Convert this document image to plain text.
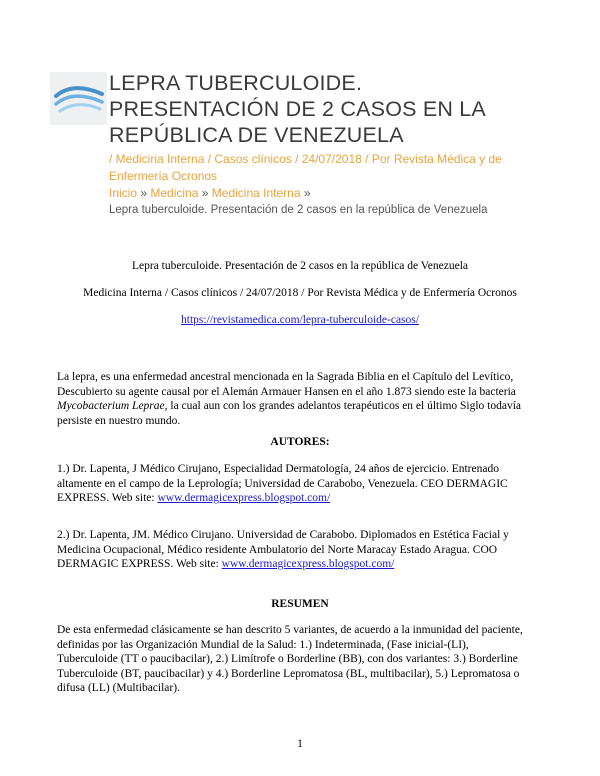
LEPRA TUBERCULOIDE.
PRESENTACIÓN DE 2 CASOS EN LA
REPÚBLICA DE VENEZUELA
/ Medicina Interna / Casos clínicos / 24/07/2018 / Por Revista Médica y de
Enfermería Ocronos
Inicio » Medicina » Medicina Interna »
Lepra tuberculoide. Presentación de 2 casos en la república de Venezuela
Lepra tuberculoide. Presentación de 2 casos en la república de Venezuela
Medicina Interna / Casos clínicos / 24/07/2018 / Por Revista Médica y de Enfermería Ocronos
https://revistamedica.com/lepra-tuberculoide-casos/
La lepra, es una enfermedad ancestral mencionada en la Sagrada Biblia en el Capítulo del Levítico,
Descubierto su agente causal por el Alemán Armauer Hansen en el año 1.873 siendo este la bacteria
Mycobacterium Leprae, la cual aun con los grandes adelantos terapéuticos en el último Siglo todavía
persiste en nuestro mundo.
AUTORES:
1.) Dr. Lapenta, J Médico Cirujano, Especialidad Dermatología, 24 años de ejercicio. Entrenado
altamente en el campo de la Leprología; Universidad de Carabobo, Venezuela. CEO DERMAGIC
EXPRESS. Web site: www.dermagicexpress.blogspot.com/
2.) Dr. Lapenta, JM. Médico Cirujano. Universidad de Carabobo. Diplomados en Estética Facial y
Medicina Ocupacional, Médico residente Ambulatorio del Norte Maracay Estado Aragua. COO
DERMAGIC EXPRESS. Web site: www.dermagicexpress.blogspot.com/
RESUMEN
De esta enfermedad clásicamente se han descrito 5 variantes, de acuerdo a la inmunidad del paciente,
definidas por las Organización Mundial de la Salud: 1.) Indeterminada, (Fase inicial-(LI),
Tuberculoide (TT o paucibacilar), 2.) Limítrofe o Borderline (BB), con dos variantes: 3.) Borderline
Tuberculoide (BT, paucibacilar) y 4.) Borderline Lepromatosa (BL, multibacilar), 5.) Lepromatosa o
difusa (LL) (Multibacilar).
1
